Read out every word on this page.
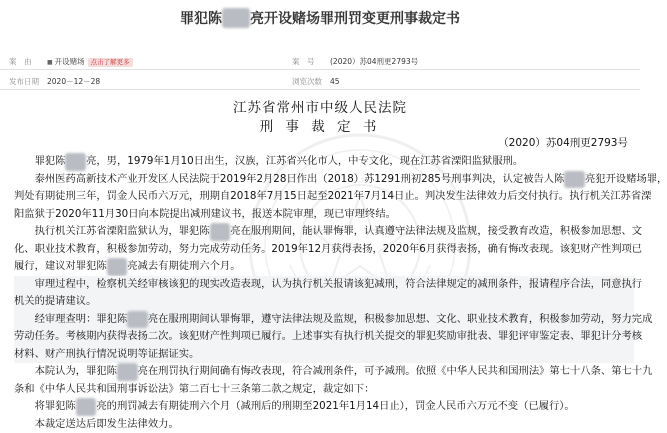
罪犯陈 亮开设赌场罪刑罚变更刑事裁定书
案　由	■ 开设赌场 点击了解更多	案　号 (2020）苏04刑更2793号
发布日期 2020－12－28	浏览次数 45
江苏省常州市中级人民法院
刑 事 裁 定 书
（2020）苏04刑更2793号
　　罪犯陈 亮，男，1979年1月10日出生，汉族，江苏省兴化市人，中专文化，现在江苏省溧阳监狱服刑。
　　泰州医药高新技术产业开发区人民法院于2019年2月28日作出（2018）苏1291刑初285号刑事判决，认定被告人陈 亮犯开设赌场罪，
判处有期徒刑三年，罚金人民币六万元，刑期自2018年7月15日起至2021年7月14日止。判决发生法律效力后交付执行。执行机关江苏省溧
阳监狱于2020年11月30日向本院提出减刑建议书，报送本院审理，现已审理终结。
　　执行机关江苏省溧阳监狱认为，罪犯陈 亮在服刑期间，能认罪悔罪，认真遵守法律法规及监规，接受教育改造，积极参加思想、文
化、职业技术教育，积极参加劳动，努力完成劳动任务。2019年12月获得表扬，2020年6月获得表扬，确有悔改表现。该犯财产性判项已
履行，建议对罪犯陈 亮减去有期徒刑六个月。
　　审理过程中，检察机关经审核该犯的现实改造表现，认为执行机关报请该犯减刑，符合法律规定的减刑条件，报请程序合法，同意执行
机关的提请建议。
　　经审理查明：罪犯陈 亮在服刑期间认罪悔罪，遵守法律法规及监规，积极参加思想、文化、职业技术教育，积极参加劳动，努力完成
劳动任务。考核期内获得表扬二次。该犯财产性判项已履行。上述事实有执行机关提交的罪犯奖励审批表、罪犯评审鉴定表、罪犯计分考核
材料、财产刑执行情况说明等证据证实。
　　本院认为，罪犯陈 亮在刑罚执行期间确有悔改表现，符合减刑条件，可予减刑。依照《中华人民共和国刑法》第七十八条、第七十九
条和《中华人民共和国刑事诉讼法》第二百七十三条第二款之规定，裁定如下：
　　将罪犯陈 亮的刑罚减去有期徒刑六个月（减刑后的刑期至2021年1月14日止），罚金人民币六万元不变（已履行）。
　　本裁定送达后即发生法律效力。
